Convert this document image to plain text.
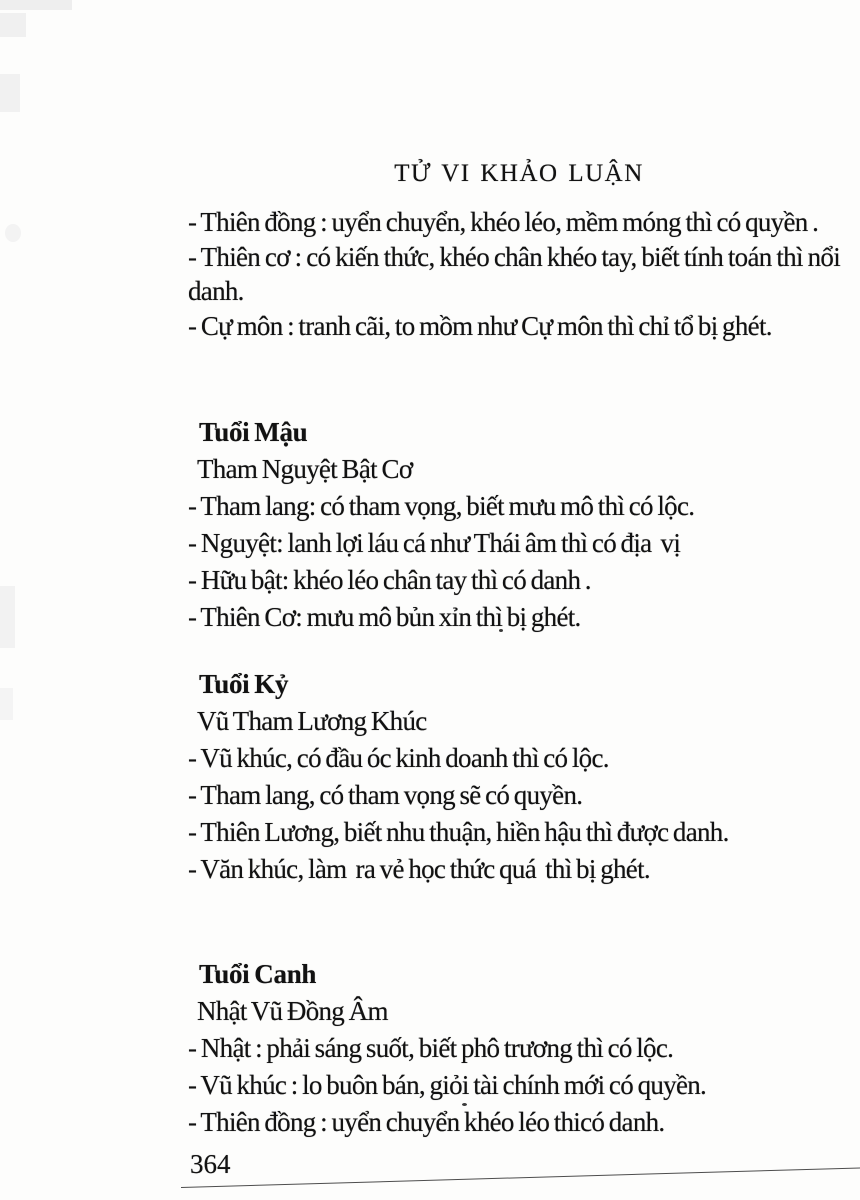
TỬ VI KHẢO LUẬN

- Thiên đồng : uyển chuyển, khéo léo, mềm móng thì có quyền .

- Thiên cơ : có kiến thức, khéo chân khéo tay, biết tính toán thì nổi danh.

- Cự môn : tranh cãi, to mồm như Cự môn thì chỉ tổ bị ghét.

Tuổi Mậu
Tham Nguyệt Bật Cơ

- Tham lang: có tham vọng, biết mưu mô thì có lộc.

- Nguyệt: lanh lợi láu cá như Thái âm thì có địa  vị

- Hữu bật: khéo léo chân tay thì có danh .

- Thiên Cơ: mưu mô bủn xỉn thì bị ghét.

Tuổi Kỷ
Vũ Tham Lương Khúc

- Vũ khúc, có đầu óc kinh doanh thì có lộc.

- Tham lang, có tham vọng sẽ có quyền.

- Thiên Lương, biết nhu thuận, hiền hậu thì được danh.

- Văn khúc, làm  ra vẻ học thức quá  thì bị ghét.

Tuổi Canh
Nhật Vũ Đồng Âm

- Nhật : phải sáng suốt, biết phô trương thì có lộc.

- Vũ khúc : lo buôn bán, giỏi tài chính mới có quyền.

- Thiên đồng : uyển chuyển khéo léo thicó danh.

364
